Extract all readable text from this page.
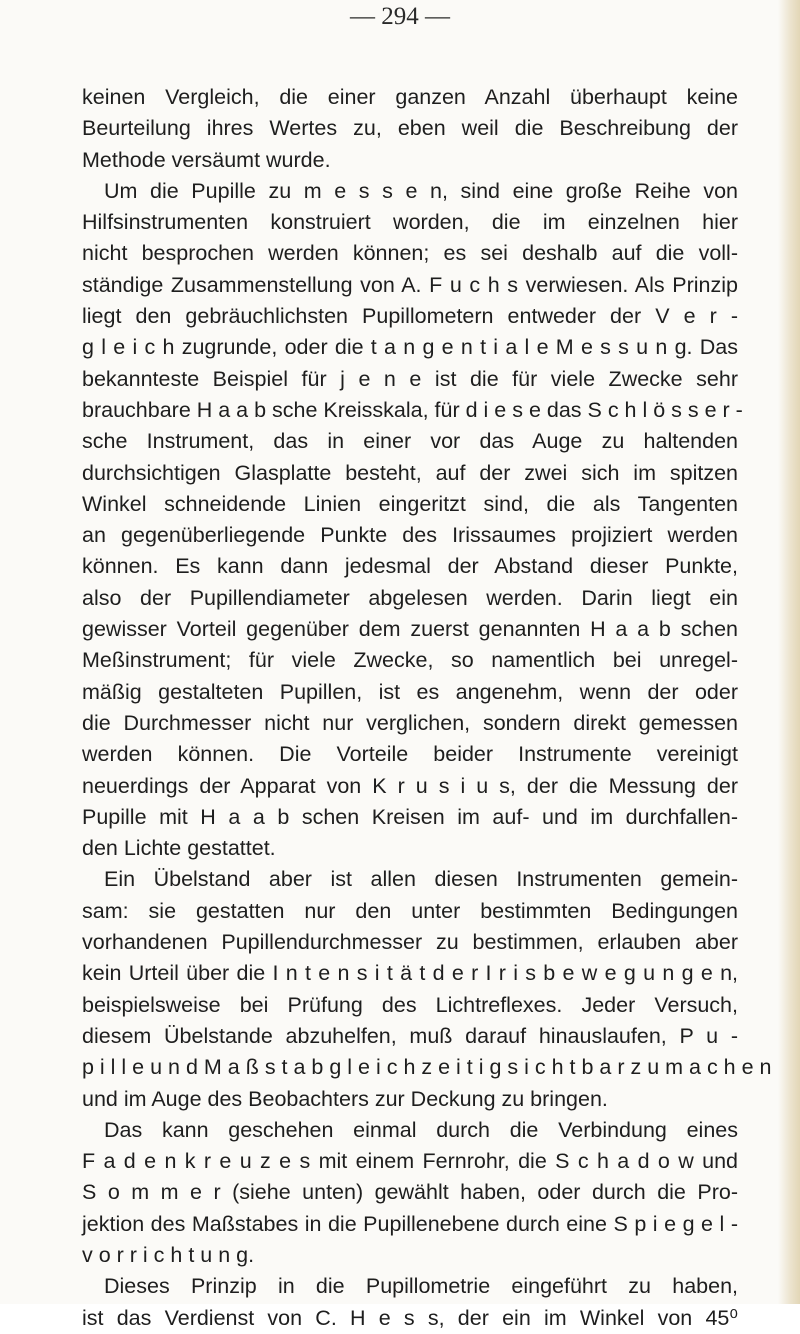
— 294 —
keinen Vergleich, die einer ganzen Anzahl überhaupt keine
Beurteilung ihres Wertes zu, eben weil die Beschreibung der
Methode versäumt wurde.
Um die Pupille zu m e s s e n, sind eine große Reihe von
Hilfsinstrumenten konstruiert worden, die im einzelnen hier
nicht besprochen werden können; es sei deshalb auf die voll-
ständige Zusammenstellung von A. F u c h s verwiesen. Als Prinzip
liegt den gebräuchlichsten Pupillometern entweder der V e r -
g l e i c h zugrunde, oder die t a n g e n t i a l e M e s s u n g. Das
bekannteste Beispiel für j e n e ist die für viele Zwecke sehr
brauchbare H a a b sche Kreisskala, für d i e s e das S c h l ö s s e r -
sche Instrument, das in einer vor das Auge zu haltenden
durchsichtigen Glasplatte besteht, auf der zwei sich im spitzen
Winkel schneidende Linien eingeritzt sind, die als Tangenten
an gegenüberliegende Punkte des Irissaumes projiziert werden
können. Es kann dann jedesmal der Abstand dieser Punkte,
also der Pupillendiameter abgelesen werden. Darin liegt ein
gewisser Vorteil gegenüber dem zuerst genannten H a a b schen
Meßinstrument; für viele Zwecke, so namentlich bei unregel-
mäßig gestalteten Pupillen, ist es angenehm, wenn der oder
die Durchmesser nicht nur verglichen, sondern direkt gemessen
werden können. Die Vorteile beider Instrumente vereinigt
neuerdings der Apparat von K r u s i u s, der die Messung der
Pupille mit H a a b schen Kreisen im auf- und im durchfallen-
den Lichte gestattet.
Ein Übelstand aber ist allen diesen Instrumenten gemein-
sam: sie gestatten nur den unter bestimmten Bedingungen
vorhandenen Pupillendurchmesser zu bestimmen, erlauben aber
kein Urteil über die I n t e n s i t ä t d e r I r i s b e w e g u n g e n,
beispielsweise bei Prüfung des Lichtreflexes. Jeder Versuch,
diesem Übelstande abzuhelfen, muß darauf hinauslaufen, P u -
p i l l e u n d M a ß s t a b g l e i c h z e i t i g s i c h t b a r z u m a c h e n
und im Auge des Beobachters zur Deckung zu bringen.
Das kann geschehen einmal durch die Verbindung eines
F a d e n k r e u z e s mit einem Fernrohr, die S c h a d o w und
S o m m e r (siehe unten) gewählt haben, oder durch die Pro-
jektion des Maßstabes in die Pupillenebene durch eine S p i e g e l -
v o r r i c h t u n g.
Dieses Prinzip in die Pupillometrie eingeführt zu haben,
ist das Verdienst von C. H e s s, der ein im Winkel von 45⁰
